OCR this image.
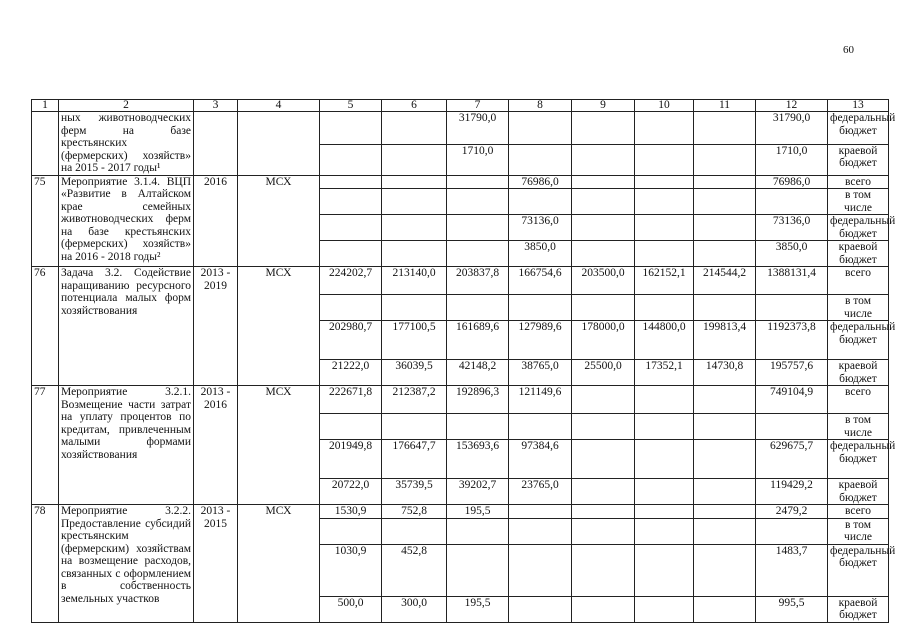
60
1	2	3	4	5	6	7	8	9	10	11	12	13
	ных животноводческих ферм на базе крестьянских (фермерских) хозяйств» на 2015 - 2017 годы¹					31790,0					31790,0	федеральный бюджет
						1710,0					1710,0	краевой бюджет
75	Мероприятие 3.1.4. ВЦП «Развитие в Алтайском крае семейных животноводческих ферм на базе крестьянских (фермерских) хозяйств» на 2016 - 2018 годы²	2016	МСХ				76986,0				76986,0	всего
												в том числе
							73136,0				73136,0	федеральный бюджет
							3850,0				3850,0	краевой бюджет
76	Задача 3.2. Содействие наращиванию ресурсного потенциала малых форм хозяйствования	2013 - 2019	МСХ	224202,7	213140,0	203837,8	166754,6	203500,0	162152,1	214544,2	1388131,4	всего
												в том числе
				202980,7	177100,5	161689,6	127989,6	178000,0	144800,0	199813,4	1192373,8	федеральный бюджет
				21222,0	36039,5	42148,2	38765,0	25500,0	17352,1	14730,8	195757,6	краевой бюджет
77	Мероприятие 3.2.1. Возмещение части затрат на уплату процентов по кредитам, привлеченным малыми формами хозяйствования	2013 - 2016	МСХ	222671,8	212387,2	192896,3	121149,6				749104,9	всего
												в том числе
				201949,8	176647,7	153693,6	97384,6				629675,7	федеральный бюджет
				20722,0	35739,5	39202,7	23765,0				119429,2	краевой бюджет
78	Мероприятие 3.2.2. Предоставление субсидий крестьянским (фермерским) хозяйствам на возмещение расходов, связанных с оформлением в собственность земельных участков	2013 - 2015	МСХ	1530,9	752,8	195,5					2479,2	всего
												в том числе
				1030,9	452,8						1483,7	федеральный бюджет
				500,0	300,0	195,5					995,5	краевой бюджет
